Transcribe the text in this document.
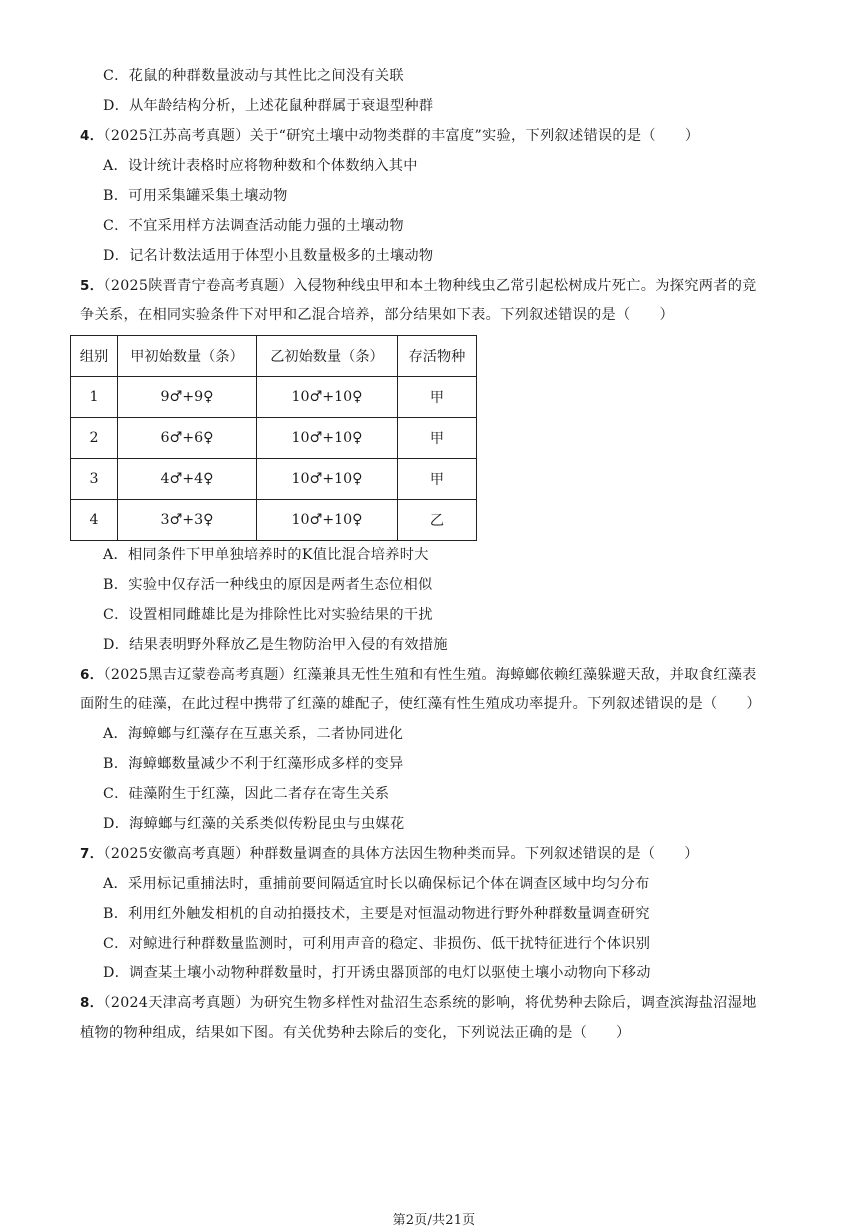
C．花鼠的种群数量波动与其性比之间没有关联
D．从年龄结构分析，上述花鼠种群属于衰退型种群
4．（2025江苏高考真题）关于“研究土壤中动物类群的丰富度”实验，下列叙述错误的是（　　）
A．设计统计表格时应将物种数和个体数纳入其中
B．可用采集罐采集土壤动物
C．不宜采用样方法调查活动能力强的土壤动物
D．记名计数法适用于体型小且数量极多的土壤动物
5．（2025陕晋青宁卷高考真题）入侵物种线虫甲和本土物种线虫乙常引起松树成片死亡。为探究两者的竞
争关系，在相同实验条件下对甲和乙混合培养，部分结果如下表。下列叙述错误的是（　　）
组别	甲初始数量（条）	乙初始数量（条）	存活物种
1	9♂+9♀	10♂+10♀	甲
2	6♂+6♀	10♂+10♀	甲
3	4♂+4♀	10♂+10♀	甲
4	3♂+3♀	10♂+10♀	乙
A．相同条件下甲单独培养时的K值比混合培养时大
B．实验中仅存活一种线虫的原因是两者生态位相似
C．设置相同雌雄比是为排除性比对实验结果的干扰
D．结果表明野外释放乙是生物防治甲入侵的有效措施
6．（2025黑吉辽蒙卷高考真题）红藻兼具无性生殖和有性生殖。海蟑螂依赖红藻躲避天敌，并取食红藻表
面附生的硅藻，在此过程中携带了红藻的雄配子，使红藻有性生殖成功率提升。下列叙述错误的是（　　）
A．海蟑螂与红藻存在互惠关系，二者协同进化
B．海蟑螂数量减少不利于红藻形成多样的变异
C．硅藻附生于红藻，因此二者存在寄生关系
D．海蟑螂与红藻的关系类似传粉昆虫与虫媒花
7．（2025安徽高考真题）种群数量调查的具体方法因生物种类而异。下列叙述错误的是（　　）
A．采用标记重捕法时，重捕前要间隔适宜时长以确保标记个体在调查区域中均匀分布
B．利用红外触发相机的自动拍摄技术，主要是对恒温动物进行野外种群数量调查研究
C．对鲸进行种群数量监测时，可利用声音的稳定、非损伤、低干扰特征进行个体识别
D．调查某土壤小动物种群数量时，打开诱虫器顶部的电灯以驱使土壤小动物向下移动
8．（2024天津高考真题）为研究生物多样性对盐沼生态系统的影响，将优势种去除后，调查滨海盐沼湿地
植物的物种组成，结果如下图。有关优势种去除后的变化，下列说法正确的是（　　）
第2页/共21页
